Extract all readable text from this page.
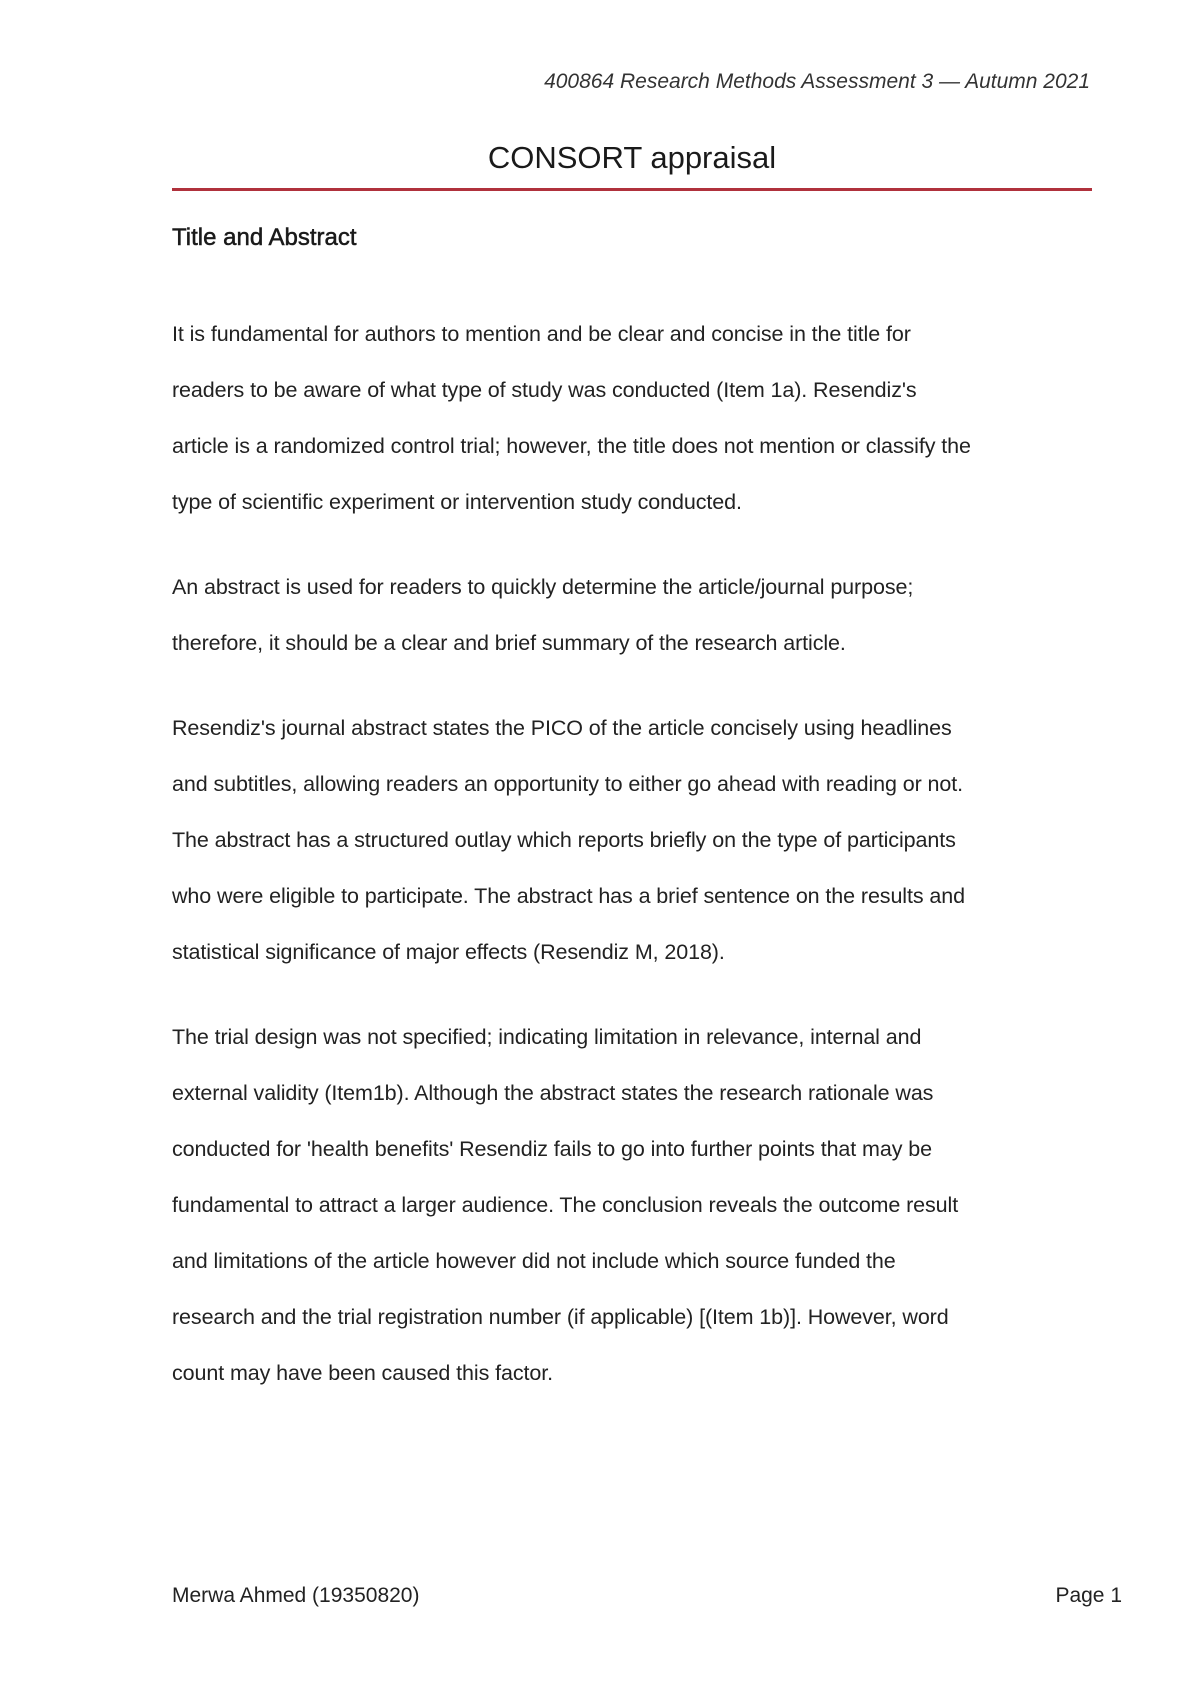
400864 Research Methods Assessment 3 — Autumn 2021
CONSORT appraisal
Title and Abstract

It is fundamental for authors to mention and be clear and concise in the title for
readers to be aware of what type of study was conducted (Item 1a). Resendiz's
article is a randomized control trial; however, the title does not mention or classify the
type of scientific experiment or intervention study conducted.

An abstract is used for readers to quickly determine the article/journal purpose;
therefore, it should be a clear and brief summary of the research article.

Resendiz's journal abstract states the PICO of the article concisely using headlines
and subtitles, allowing readers an opportunity to either go ahead with reading or not.
The abstract has a structured outlay which reports briefly on the type of participants
who were eligible to participate. The abstract has a brief sentence on the results and
statistical significance of major effects (Resendiz M, 2018).

The trial design was not specified; indicating limitation in relevance, internal and
external validity (Item1b). Although the abstract states the research rationale was
conducted for 'health benefits' Resendiz fails to go into further points that may be
fundamental to attract a larger audience. The conclusion reveals the outcome result
and limitations of the article however did not include which source funded the
research and the trial registration number (if applicable) [(Item 1b)]. However, word
count may have been caused this factor.

Merwa Ahmed (19350820)	Page 1
